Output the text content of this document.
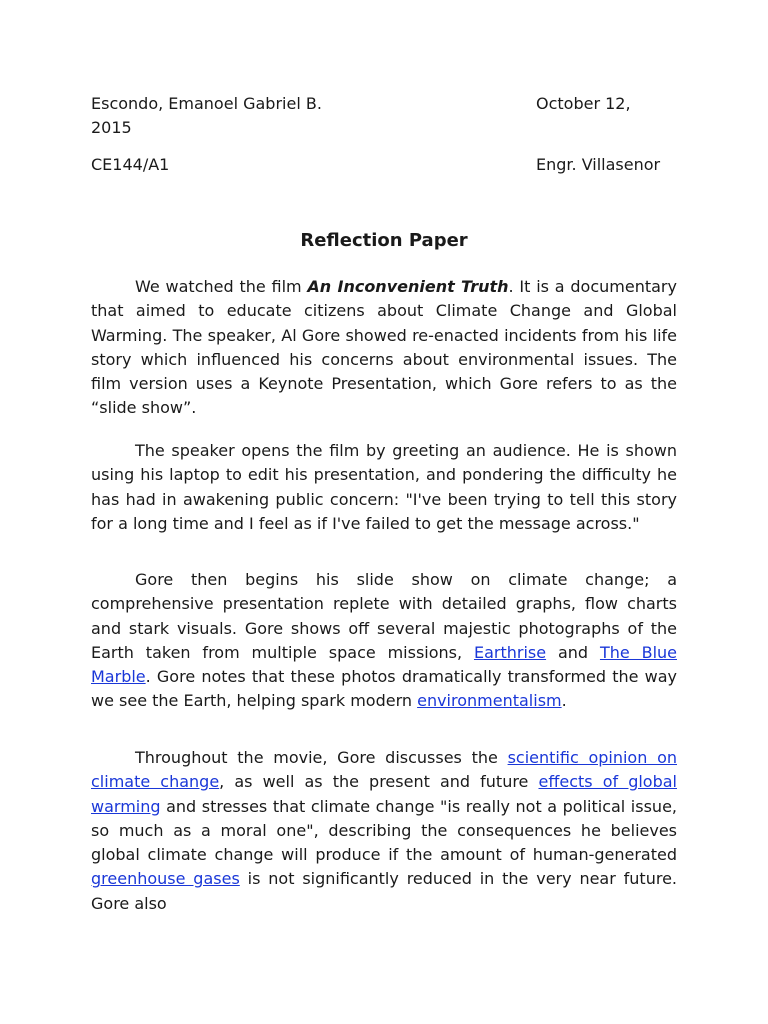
Escondo, Emanoel Gabriel B.	October 12,
2015
CE144/A1	Engr. Villasenor
Reflection Paper

We watched the film An Inconvenient Truth. It is a documentary that aimed to educate citizens about Climate Change and Global Warming. The speaker, Al Gore showed re-enacted incidents from his life story which influenced his concerns about environmental issues. The film version uses a Keynote Presentation, which Gore refers to as the “slide show”.

The speaker opens the film by greeting an audience. He is shown using his laptop to edit his presentation, and pondering the difficulty he has had in awakening public concern: "I've been trying to tell this story for a long time and I feel as if I've failed to get the message across."

Gore then begins his slide show on climate change; a comprehensive presentation replete with detailed graphs, flow charts and stark visuals. Gore shows off several majestic photographs of the Earth taken from multiple space missions, Earthrise and The Blue Marble. Gore notes that these photos dramatically transformed the way we see the Earth, helping spark modern environmentalism.

Throughout the movie, Gore discusses the scientific opinion on climate change, as well as the present and future effects of global warming and stresses that climate change "is really not a political issue, so much as a moral one", describing the consequences he believes global climate change will produce if the amount of human-generated greenhouse gases is not significantly reduced in the very near future. Gore also
